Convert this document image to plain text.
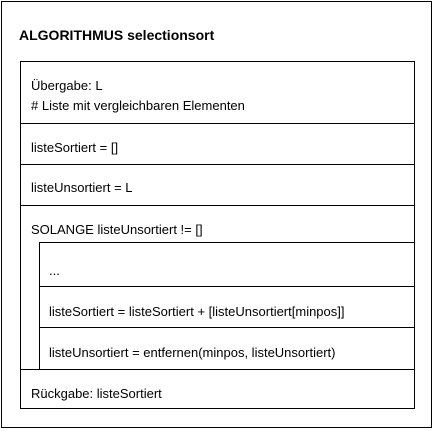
ALGORITHMUS selectionsort
Übergabe: L
# Liste mit vergleichbaren Elementen
listeSortiert = []
listeUnsortiert = L
SOLANGE listeUnsortiert != []
...
listeSortiert = listeSortiert + [listeUnsortiert[minpos]]
listeUnsortiert = entfernen(minpos, listeUnsortiert)
Rückgabe: listeSortiert
